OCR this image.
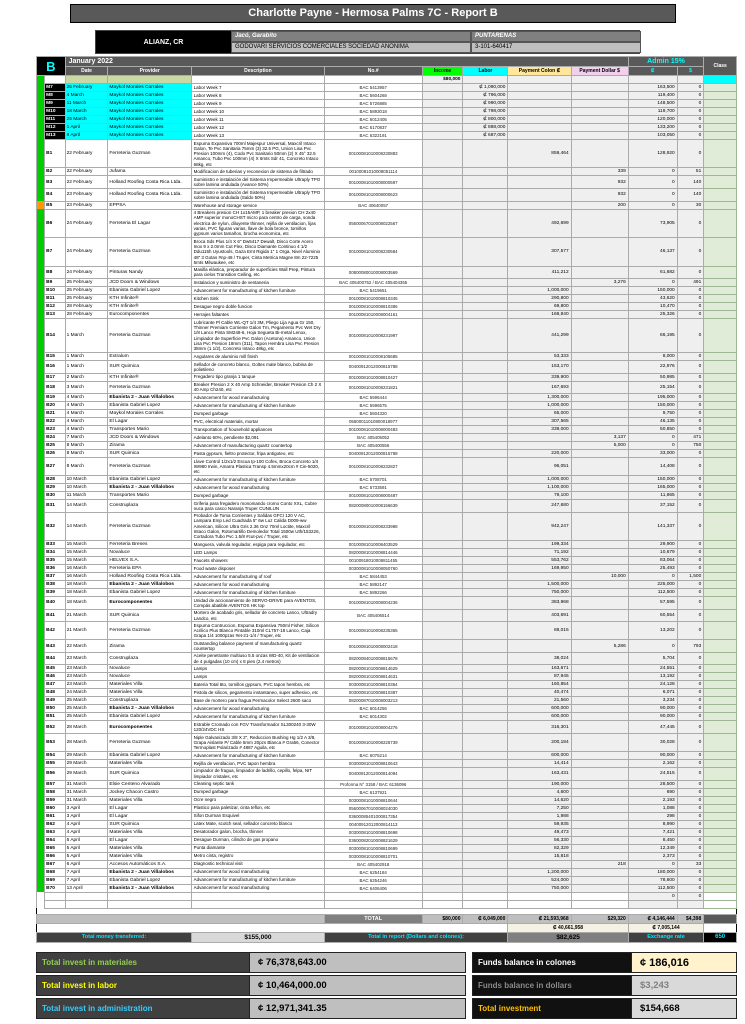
Charlotte Payne - Hermosa Palms 7C - Report B
ALIANZ, CR
Jacó, Garabito	PUNTARENAS
GODOVARI SERVICIOS COMERCIALES SOCIEDAD ANONIMA	3-101-640417
B		January 2022								Admin 15%		Class
		Date	Provider	Description	No.#	Income	Labor	Payment Colon ₡	Payment Dollar $	₡	$	
						$80,000						
	M7	25 February	Maykol Morales Corrales	Labor Week 7	BAC 5413957		₡ 1,090,000			163,500	0	
	M8	4 March	Maykol Morales Corrales	Labor Week 8	BAC 5604268		₡ 796,000			119,400	0	
	M9	11 March	Maykol Morales Corrales	Labor Week 9	BAC 5726885		₡ 990,000			148,500	0	
	M10	18 March	Maykol Morales Corrales	Labor Week 10	BAC 5893018		₡ 798,000			119,700	0	
	M11	25 March	Maykol Morales Corrales	Labor Week 11	BAC 6012405		₡ 800,000			120,000	0	
	M12	1 April	Maykol Morales Corrales	Labor Week 12	BAC 6170837		₡ 888,000			133,200	0	
	M13	8 April	Maykol Morales Corrales	Labor Week 13	BAC 6322191		₡ 687,000			103,050	0	
	B1	22 February	Ferreteria Guzman	Espuma Expansiva 700ml Majespur Universal, Maxcril Intaco Galon, Te Pvc Sanitaria 75mm (3) 32.5 PG, Union Lisa Pvc Presion 100mm (4), Codo Pvc Sanitario 50mm (2) X 45° 32.5 Amanco, Tubo Pvc 100mm (4) X 6mts Sdr 41, Concreto Intaco 68kg, etc	00100081010008230883			859,464		128,920	0	
	B2	22 February	Jufama	Modificacion de tuberias y reconexion de sistema de filtrado	00100081010008051114				339	0	51	
	B3	22 February	Holland Roofing Costa Rica Ltda.	Suministro e instalación del Sistema Impermeable Ultraply TPO sobre lamina ondulada (Avance 50%)	00100081010008000597				932	0	140	
	B4	23 February	Holland Roofing Costa Rica Ltda.	Suministro e instalación del Sistema Impermeable Ultraply TPO sobre lamina ondulada (Saldo 50%)	00100081010008000623				932	0	140	
	B5	23 February	EPPSA	Warehouse and storage service	BAC 40640057				200	0	30	
	B6	24 February	Ferreteria El Lagar	4 Breakers presion CH 1x15AMP, 1 breaker presion CH 2x40 AMP superior monoCHST micro para centro de carga, sonda electrica de nylon, diluyente thinner, rejilla de ventilacion, lijas varias, PVC figuras varias, llave de bola bronce, tornillos gypsum varios tamaños, brocha economica, etc	05600067010008022567			492,699		73,905	0	
	B7	24 February	Ferreteria Guzman	Broca Sds Plus 1/4 X 6" Dw5417 Dewalt, Disco Corte Acero Inox 9 x 2.0mm Cut Flex, Disco Diamante Continuo 4 1/2 Ddu115h Uyustools, Gaza Emt Rigida 1" 1 Orga, Nivel Aluminio 48" 3 Gotas #np-48 / Truper, Cinta Metrica Magne 8m 22-7225 5mts Milwaukee, etc	00100081010008230584			307,577		46,137	0	
	B8	24 February	Pinturas Nandy	Masilla elástica, preparador de superficies Wall Prep, Pintura para cielos Transition Ceiling, etc	00800080010008003569			411,212		61,682	0	
	B9	25 February	JCD Doors & Windows	Instalacion y suministro de ventaneria	BAC 405400752 / BAC 405404355				3,276	0	491	
	B10	25 February	Ebanista Gabriel Lopez	Advancement for manufacturing of kitchen furniture	BAC 5419651			1,000,000		150,000	0	
	B11	25 February	KTH Infinite®	Kitchen Sink	00100081010008810345			290,800		43,620	0	
	B12	28 February	KTH Infinite®	Desague negro doble funcion	00100081010008810386			69,800		10,470	0	
	B13	28 February	Eurocomponentes	Herrajes faltantes	00100081010008004161			168,840		25,326	0	
	B14	1 March	Ferreteria Guzman	Lubricante Pl Cable WL-QT 1/4 3M, Pliego Lija Agua Gr 150, Thinner Premiam Corriente Galon Tm, Pegamento Pvc Wet Dry 1/8 Lanco Pinta SM248-6, Hoja Segueta Bi-metal Lenox, Limpiador de Superficie Pvc Galon (Acetona) Amanco, Union Lisa Pvc Presion 18mm (311), Tapon Hembra Lisa Pvc Presion 38mm (1 1/2), Concreto Intaco 48kg, etc	00100081010008231997			441,299		66,195	0	
	B15	1 March	Extralum	Angulares de aluminio mill finish	00100081010008105685			53,333		8,000	0	
	B16	1 March	SUR Quimica	Sellador de concreto blanco, Goltex mate blanco, bobina de polietileno	00400912012000815788			153,170		22,976	0	
	B17	2 March	KTH Infinite®	Fregadero tipo granja 1 tanque	00100081010008810427			339,900		50,985	0	
	B18	3 March	Ferreteria Guzman	Breaker Presion 2 X 40 Amp Schneider, Breaker Presion Ch 2 X 40 Amp Ch240, etc	00100081010008231821			167,693		25,154	0	
	B19	4 March	Ebanista 2 - Juan Villalobos	Advancement for wood manufacturing	BAC 5596444			1,300,000		195,000	0	
	B20	4 March	Ebanista Gabriel Lopez	Advancement for manufacturing of kitchen furniture	BAC 5596575			1,000,000		150,000	0	
	B21	4 March	Maykol Morales Corrales	Dumped garbage	BAC 5604320			65,000		9,750	0	
	B22	4 March	El Lagar	PVC, electrical materials, mortar	05600011010800018977			307,565		46,135	0	
	B23	4 March	Transportes Mario	Transportation of household appliances	00100081010008000483			339,000		50,850	0	
	B24	7 March	JCD Doors & Windows	Adelanto 60%, pendiente $2,091	BAC 405405052				3,137	0	471	
	B25	8 March	Zirama	Advancement of manufacturing quartz countertop	BAC 405400556				5,000	0	750	
	B26	8 March	SUR Quimica	Pasta gypsum, fieltro protector, fripa antigoteo, etc	00400912012000815788			220,000		33,000	0	
	B27	8 March	Ferreteria Guzman	Llave Control 1/2x1/2 Escua Ip-100 Cofex, Broca Concreto 1/4 IW980 Irwin, Amarra Plastica Transp 4.5mmx20cm # Cin-5020, etc	00100081010008232827			96,051		14,408	0	
	B28	10 March	Ebanista Gabriel Lopez	Advancement for manufacturing of kitchen furniture	BAC 5708701			1,000,000		150,000	0	
	B29	10 March	Ebanista 2 - Juan Villalobos	Advancement for wood manufacturing	BAC 5733591			1,100,000		165,000	0	
	B30	11 March	Transportes Mario	Dumped garbage	00100081010008000487			79,100		11,865	0	
	B31	14 March	Construplaza	Griferia para fregadero monomando cromo Conto XXL, Cubre nuca para casco Naranja Truper CUNILUN	08200080010008156639			247,680		37,152	0	
	B32	14 March	Ferreteria Guzman	Probador de Toma Corrientes y Salidas GFCI 120 V AC, Lampara Emp Led Cuadrada 5" 6w Luz Calida D009-ww American, Silicon Ultra Gris 2.36 Onz 70ml Loctite, Maxcril Intaco Galon, Rotomartillo Demoledor Total 1500w Uth/153226, Cortadora Tubo Pvc 1.5/8 #cut-pvc / Truper, etc	00100081010008233988			942,247		141,337	0	
	B33	15 March	Ferreteria Brenes	Manguera, valvula regulador, espiga para regulador, etc	00100081010008403529			199,334		29,900	0	
	B34	15 March	Novaluce	LED Lamps	08200081010008814446			71,192		10,679	0	
	B35	15 March	HELVEX S.A.	Faucets showers	00100918010008811455			553,762		83,064	0	
	B36	16 March	Ferreteria EPA	Food waste disposer	00300081010008050760			169,950		25,493	0	
	B37	16 March	Holland Roofing Costa Rica Ltda.	Advancement for manufacturing of roof	BAC 5844453				10,000	0	1,500	
	B38	18 March	Ebanista 2 - Juan Villalobos	Advancement for wood manufacturing	BAC 5892147			1,500,000		225,000	0	
	B39	18 March	Ebanista Gabriel Lopez	Advancement for manufacturing of kitchen furniture	BAC 5892266			750,000		112,500	0	
	B40	18 March	Eurocomponentes	Unidad de accionamiento de SERVO-DRIVE para AVENTOS, Compás abatible AVENTOS HK top	00100081010008004236			383,968		57,595	0	
	B41	21 March	SUR Quimica	Mortero de acabado gris, sellador de concreto Lanco, Ultradry Landco, etc	BAC 405406514			403,691		60,554	0	
	B42	21 March	Ferreteria Guzman	Espuma Contruccion, Espuma Expansiva 750ml Fisher, Silicon Acrilico Plus Blanco Pintable 310ml CL757-18 Lanco, Caja Grapa 1/4 1000pzas #et-21-1/4 / Truper, etc	00100081010008235365			88,015		13,202	0	
	B43	22 March	Zirama	Outstanding balance payment of manufacturing quartz countertop	00100081010008002418				5,286	0	793	
	B44	23 March	Construplaza	Aceite penetrante multiuso 5.5 onzas WD-40, Kit de ventilacion de 4 pulgadas (10 cm) x 8 pies (2.4 metros)	08200084010008815678			38,024		5,704	0	
	B45	23 March	Novaluce	Lamps	08200081010008814629			163,671		24,551	0	
	B46	23 March	Novaluce	Lamps	08200081010008814631			87,945		13,192	0	
	B47	23 March	Materiales Villa	Bateria Total 6to, tornillos gypsum, PVC tapon hembra, etc	00300081010008810364			160,854		24,128	0	
	B48	24 March	Materiales Villa	Pistola de silicon, pegamento instantaneo, super adhesivo, etc	00300081010008810387			40,474		6,071	0	
	B49	25 March	Construplaza	Base de mortero para fragua Permacolor Select 2600 saco	08200087010008003213			21,560		3,234	0	
	B50	25 March	Ebanista 2 - Juan Villalobos	Advancement for wood manufacturing	BAC 6014256			600,000		90,000	0	
	B51	25 March	Ebanista Gabriel Lopez	Advancement for manufacturing of kitchen furniture	BAC 6014302			600,000		90,000	0	
	B52	28 March	Eurocomponentes	Estrable Cromado con FGV Transformador SL300240 3-30W 120/24VDC HS	00100081010008004276			316,301		47,445	0	
	B53	28 March	Ferreteria Guzman	Niple Galvanizado 3/8 X 2", Reduccion Bushing Hg 1/2 A 3/8, Grapa Aislante P/ Cable 5mm 20pzs Blanca # Gra56, Conector Termoplast Polarizado # 4887 Aguila, etc	00100081010008226739			200,184		30,028	0	
	B54	29 March	Ebanista Gabriel Lopez	Advancement for manufacturing of kitchen furniture	BAC 6075214			600,000		90,000	0	
	B55	29 March	Materiales Villa	Rejilla de ventilacion, PVC tapon hembra	00300081010008810643			14,414		2,162	0	
	B56	29 March	SUR Quimica	Limpiador de fragua, limpiador de ladrillo, cepillo, felpa, NIT limpiador cristales, etc	00400912012000814094			163,431		24,515	0	
	B57	31 March	Elsie Centeno Alvarado	Cleaning septic tank	Proforma N° 3158 / BAC 6136096			190,000		28,500	0	
	B58	31 March	Jockey Chacon Castro	Dumped garbage	BAC 6137921			4,600		690	0	
	B59	31 March	Materiales Villa	Ocre negro	00300081010008810644			14,620		2,193	0	
	B60	3 April	El Lagar	Plastico para paletizar, cinta teflon, etc	05600067010008024030			7,250		1,088	0	
	B61	3 April	El Lagar	Sifon Durman Esquivel	03600085401000817354			1,988		298	0	
	B62	4 April	SUR Quimica	Latex Mate, scotch seal, sellador concreto blanco	00400912012000814113			59,935		8,990	0	
	B63	4 April	Materiales Villa	Desatorador galon, brocha, thinner	00300081010008810698			49,473		7,421	0	
	B64	5 April	El Lagar	Desague Durman, cilindro de gas propano	03600082010008821629			56,330		8,450	0	
	B65	5 April	Materiales Villa	Punta diamante	00300081010008810699			82,329		12,349	0	
	B66	5 April	Materiales Villa	Metro cinta, registro	00300081010008810701			15,818		2,373	0	
	B67	6 April	Accesos Automáticos S.A.	Diagnostic technical visit	BAC 405402918				218	0	33	
	B68	7 April	Ebanista 2 - Juan Villalobos	Advancement for wood manufacturing	BAC 6254184			1,200,000		180,000	0	
	B69	7 April	Ebanista Gabriel Lopez	Advancement for manufacturing of kitchen furniture	BAC 6254246			524,000		78,600	0	
	B70	13 April	Ebanista 2 - Juan Villalobos	Advancement for wood manufacturing	BAC 6406406			750,000		112,500	0	
										0	0	

					TOTAL	$80,000	₡ 6,049,000	₡ 21,593,968	$29,320	₡ 4,146,444	$4,398	
								₡ 40,661,958		₡ 7,005,144		
Total money transferred:				$155,000	Total in report (Dollars and colones):			$82,625		Exchange rate		650
Total invest in materiales	¢ 76,378,643.00	Funds balance in colones	¢ 186,016
Total invest in labor	¢ 10,464,000.00	Funds balance in dollars	$3,243
Total invest in administration	¢ 12,971,341.35	Total investment	$154,668
